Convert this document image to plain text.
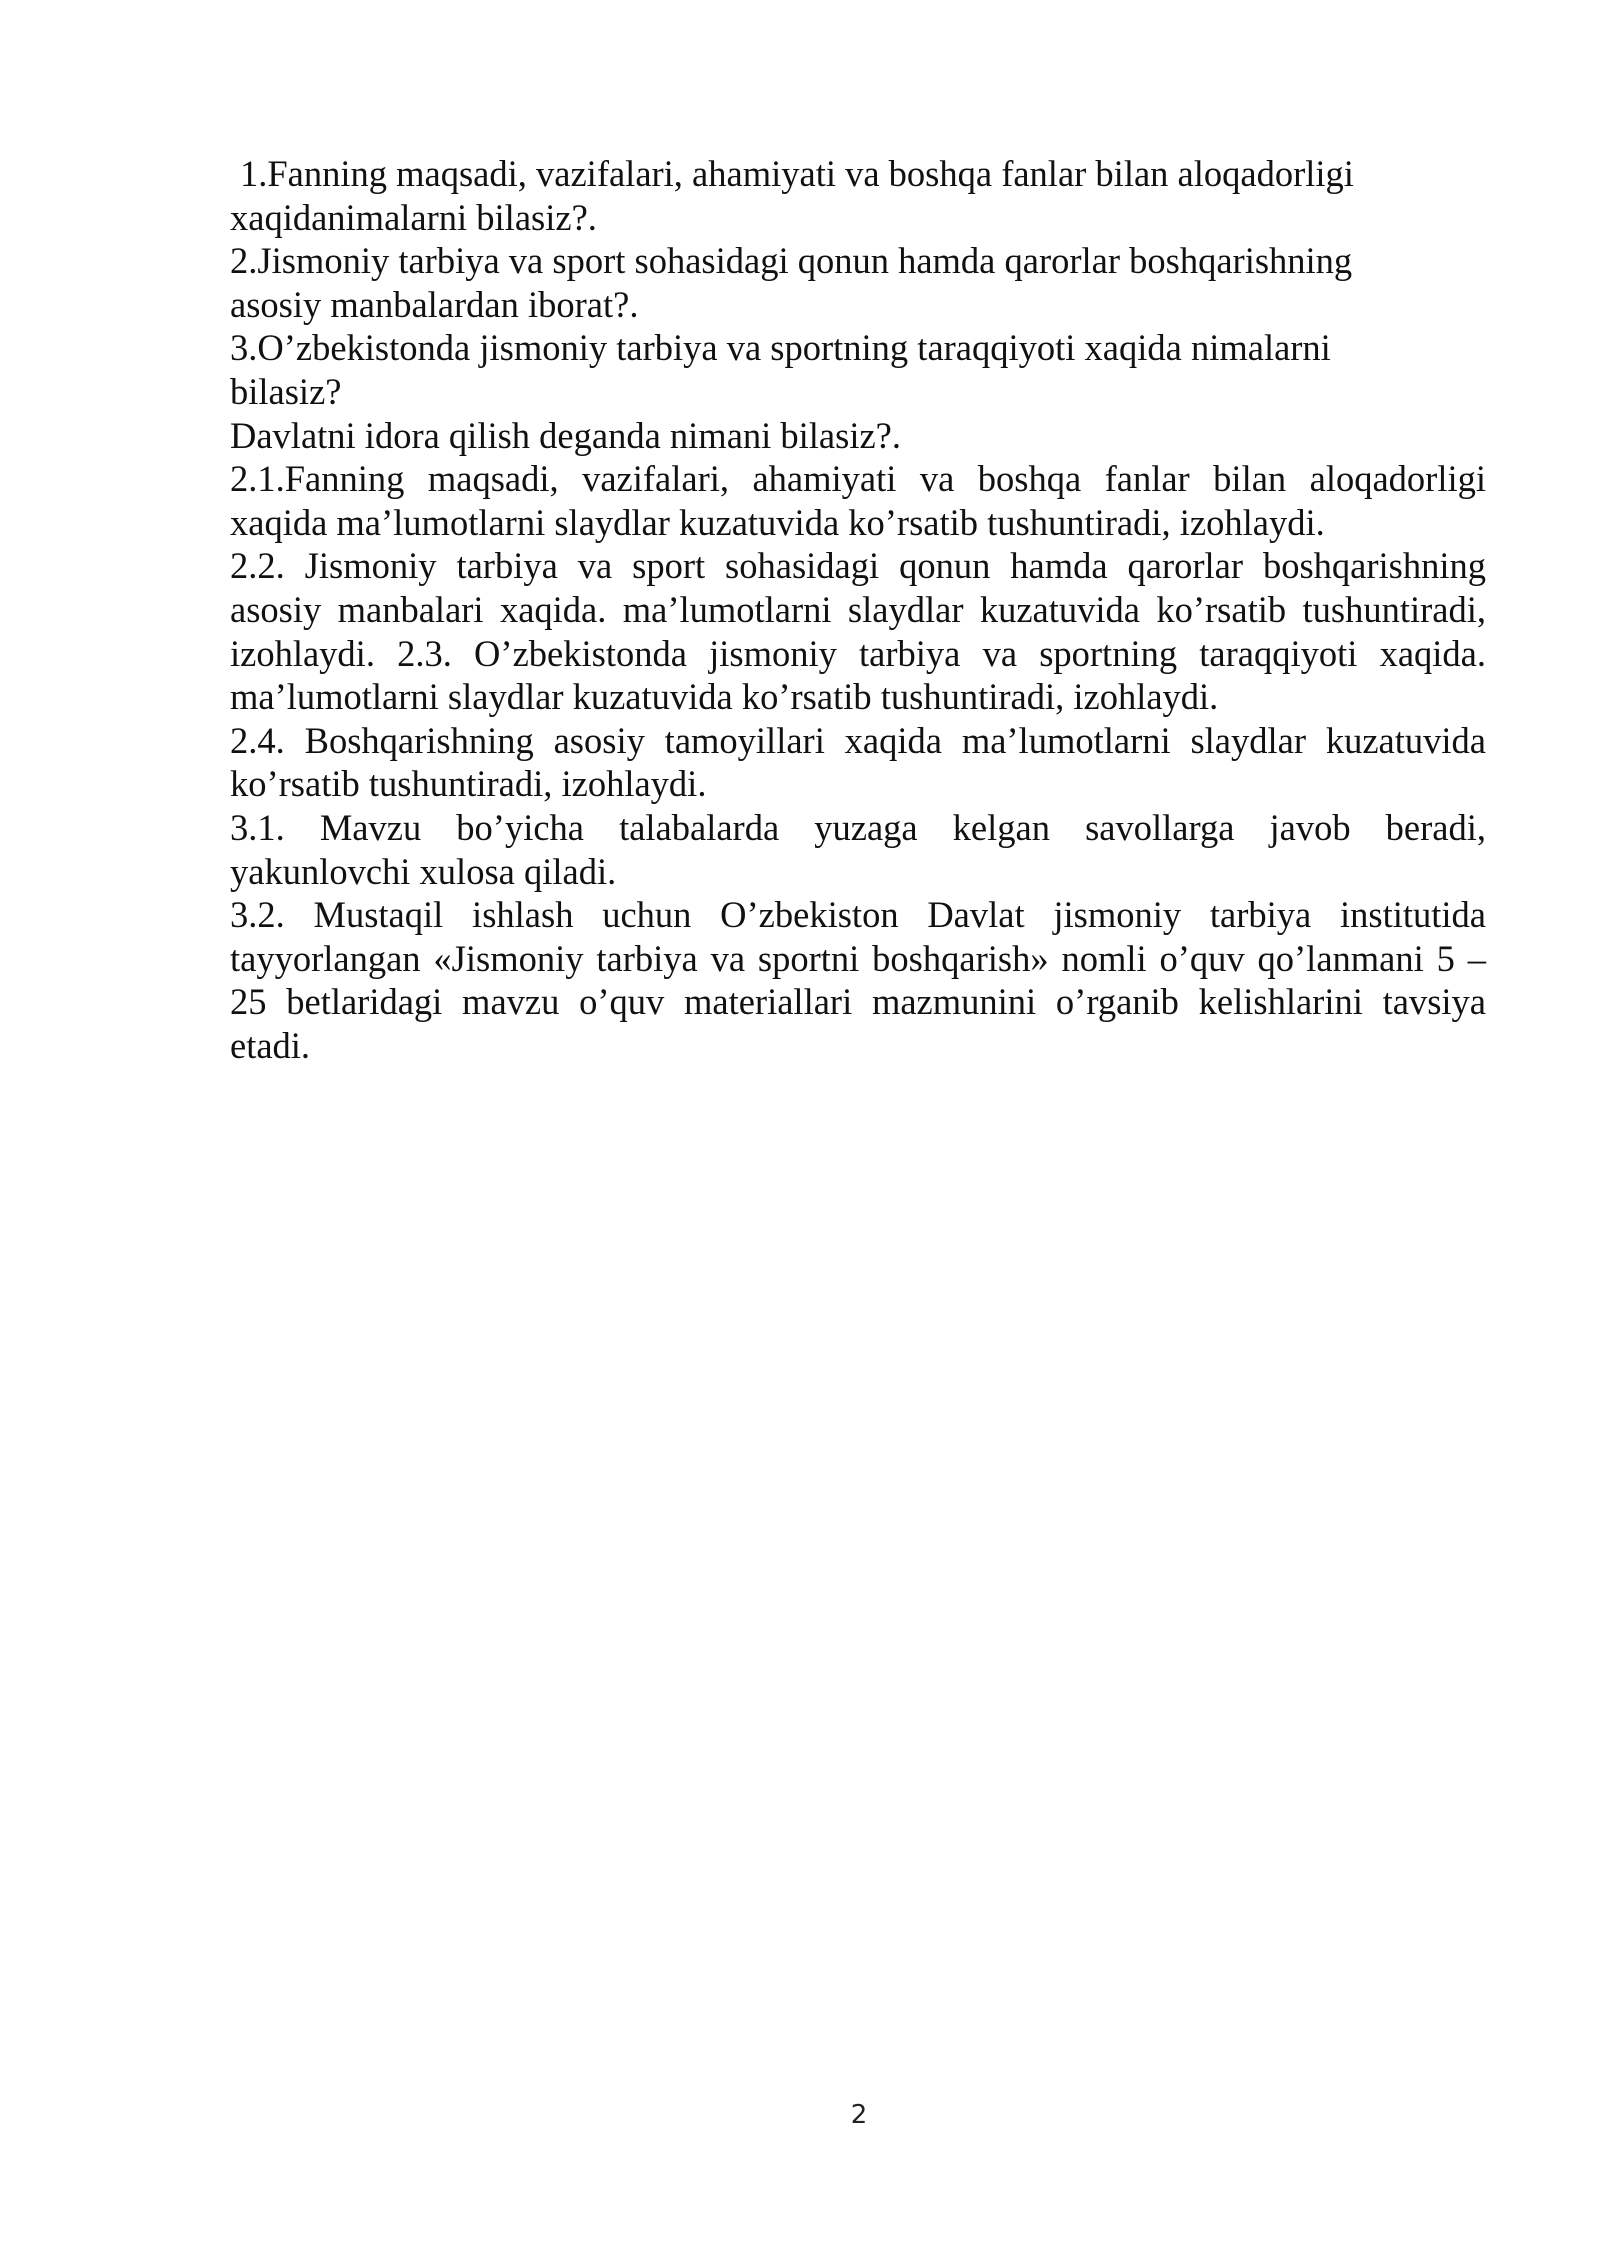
1.Fanning maqsadi, vazifalari, ahamiyati va boshqa fanlar bilan aloqadorligi
xaqidanimalarni bilasiz?.
2.Jismoniy tarbiya va sport sohasidagi qonun hamda qarorlar boshqarishning
asosiy manbalardan iborat?.
3.O’zbekistonda jismoniy tarbiya va sportning taraqqiyoti xaqida nimalarni
bilasiz?
Davlatni idora qilish deganda nimani bilasiz?.
2.1.Fanning maqsadi, vazifalari, ahamiyati va boshqa fanlar bilan aloqadorligi
xaqida ma’lumotlarni slaydlar kuzatuvida ko’rsatib tushuntiradi, izohlaydi.
2.2. Jismoniy tarbiya va sport sohasidagi qonun hamda qarorlar boshqarishning
asosiy manbalari xaqida. ma’lumotlarni slaydlar kuzatuvida ko’rsatib tushuntiradi,
izohlaydi. 2.3. O’zbekistonda jismoniy tarbiya va sportning taraqqiyoti xaqida.
ma’lumotlarni slaydlar kuzatuvida ko’rsatib tushuntiradi, izohlaydi.
2.4. Boshqarishning asosiy tamoyillari xaqida ma’lumotlarni slaydlar kuzatuvida
ko’rsatib tushuntiradi, izohlaydi.
3.1. Mavzu bo’yicha talabalarda yuzaga kelgan savollarga javob beradi,
yakunlovchi xulosa qiladi.
3.2. Mustaqil ishlash uchun O’zbekiston Davlat jismoniy tarbiya institutida
tayyorlangan «Jismoniy tarbiya va sportni boshqarish» nomli o’quv qo’lanmani 5 –
25 betlaridagi mavzu o’quv materiallari mazmunini o’rganib kelishlarini tavsiya
etadi.
2
